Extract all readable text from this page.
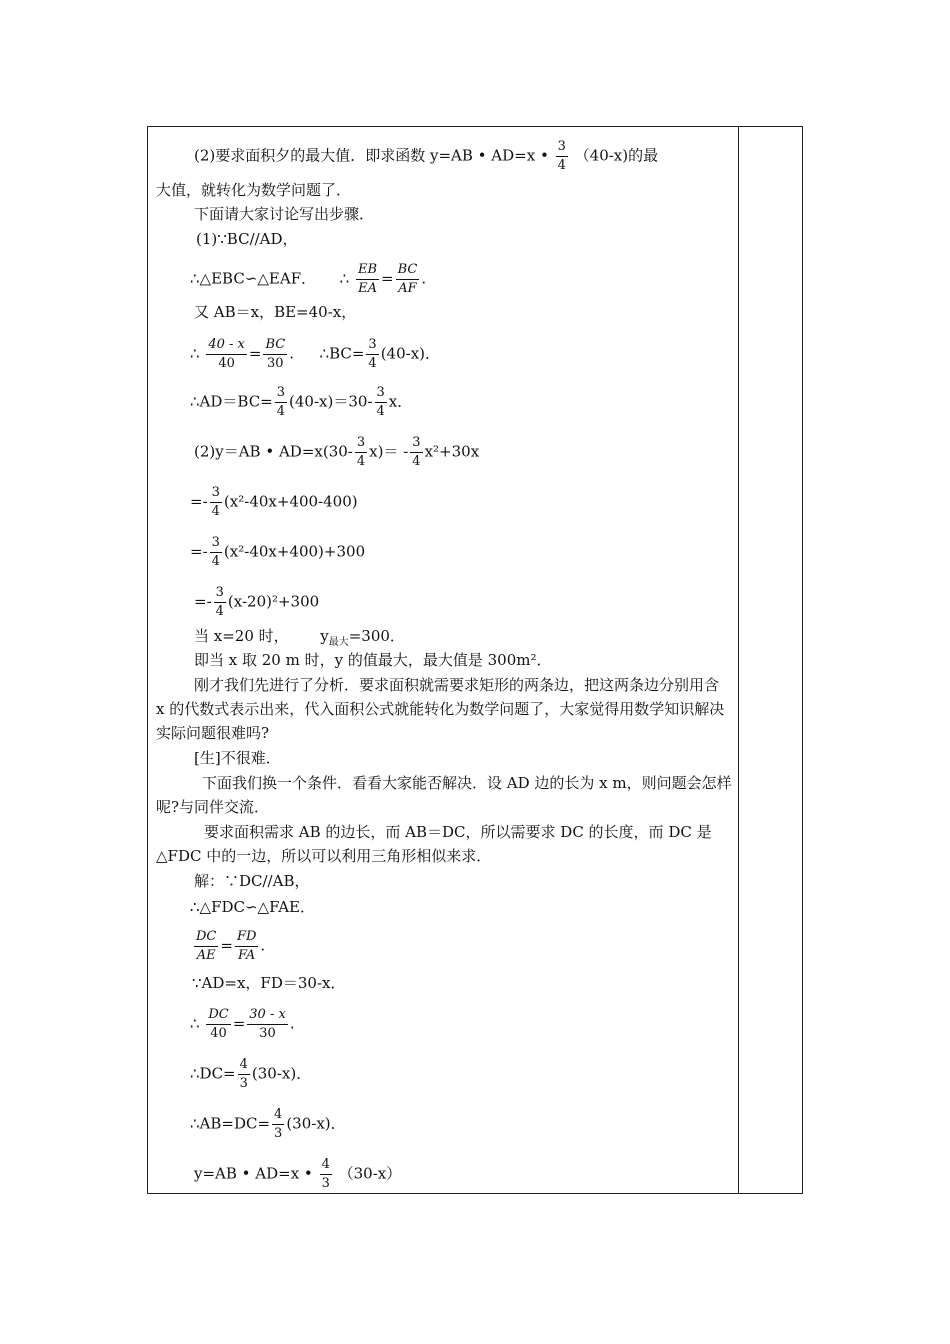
(2)要求面积夕的最大值．即求函数 y=AB • AD=x • $\frac{3}{4} (40-x)$的最
大值，就转化为数学问题了．
下面请大家讨论写出步骤．
(1)∵BC//AD，
∴△EBC∽△EAF． ∴ $\frac{EB}{EA} = \frac{BC}{AF}$ .
又 AB＝x，BE=40-x，
∴ $\frac{40 - x}{40} = \frac{BC}{30}$ . ∴BC= $\frac{3}{4} (40-x)$．
∴AD＝BC= $\frac{3}{4} (40-x)=30- \frac{3}{4}$ x．
(2)y＝AB • $AD=x(30- \frac{3}{4} x)= - \frac{3}{4} x^2+30x$
=- $\frac{3}{4} (x^2-40x+400-400)$
=- $\frac{3}{4} (x^2-40x+400)+300$
=- $\frac{3}{4} (x-20)^2+300$
当 x=20 时， $y_{最大}=300$．
即当 x 取 20 m 时，y 的值最大，最大值是 300m²．
刚才我们先进行了分析．要求面积就需要求矩形的两条边，把这两条边分别用含 x 的代数式表示出来，代入面积公式就能转化为数学问题了，大家觉得用数学知识解决实际问题很难吗?
[生]不很难．
下面我们换一个条件．看看大家能否解决．设 AD 边的长为 x m，则问题会怎样呢?与同伴交流．
要求面积需求 AB 的边长，而 AB＝DC，所以需要求 DC 的长度，而 DC 是△FDC 中的一边，所以可以利用三角形相似来求．
解：∵DC//AB，
∴△FDC∽△FAE．
$\frac{DC}{AE} = \frac{FD}{FA}$ .
∵AD=x，FD＝30-x．
∴ $\frac{DC}{40} = \frac{30 - x}{30}$ .
∴DC= $\frac{4}{3} (30-x)$．
∴AB=DC= $\frac{4}{3} (30-x)$．
y=AB • AD=x • $\frac{4}{3} (30-x)$
